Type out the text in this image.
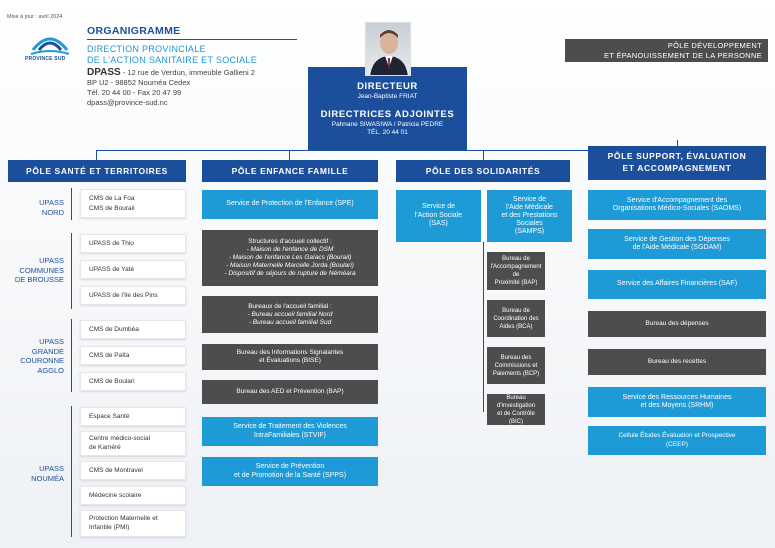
Mise à jour : avril 2024
PROVINCE SUD
ORGANIGRAMME
DIRECTION PROVINCIALE
DE L'ACTION SANITAIRE ET SOCIALE
DPASS - 12 rue de Verdun, immeuble Gallieni 2
BP U2 - 98852 Nouméa Cedex
Tél. 20 44 00 - Fax 20 47 99
dpass@province-sud.nc
PÔLE DÉVELOPPEMENT
ET ÉPANOUISSEMENT DE LA PERSONNE
DIRECTEUR
Jean-Baptiste FRIAT
DIRECTRICES ADJOINTES
Pahnane SIWASIWA / Patricia PEDRE
TÉL. 20 44 01
PÔLE SANTÉ ET TERRITOIRES
UPASS
NORD
CMS de La Foa
CMS de Bourail
UPASS
COMMUNES
DE BROUSSE
UPASS de Thio
UPASS de Yaté
UPASS de l'Ile des Pins
UPASS
GRANDE
COURONNE
AGGLO
CMS de Dumbéa
CMS de Païta
CMS de Boulari
UPASS
NOUMÉA
Espace Santé
Centre médico-social
de Kaméré
CMS de Montravel
Médecine scolaire
Protection Maternelle et
Infantile (PMI)
PÔLE ENFANCE FAMILLE
Service de Protection de l'Enfance (SPE)
Structures d'accueil collectif :
- Maison de l'enfance de DSM
- Maison de l'enfance Les Gaïacs (Bourail)
- Maison Maternelle Marcelle Jorda (Boulari)
- Dispositif de séjours de rupture de Néméara
Bureaux de l'accueil familial :
- Bureau accueil familial Nord
- Bureau accueil familial Sud
Bureau des Informations Signalantes
et Évaluations (BISE)
Bureau des AED et Prévention (BAP)
Service de Traitement des Violences
IntraFamiliales (STVIF)
Service de Prévention
et de Promotion de la Santé (SPPS)
PÔLE DES SOLIDARITÉS
Service de
l'Action Sociale
(SAS)
Service de
l'Aide Médicale
et des Prestations
Sociales
(SAMPS)
Bureau de
l'Accompagnement de
Proximité (BAP)
Bureau de
Coordination des
Aides (BCA)
Bureau des
Commissions et
Paiements (BCP)
Bureau d'Investigation
et de Contrôle (BIC)
PÔLE SUPPORT, ÉVALUATION
ET ACCOMPAGNEMENT
Service d'Accompagnement des
Organisations Médico-Sociales (SAOMS)
Service de Gestion des Dépenses
de l'Aide Médicale (SGDAM)
Service des Affaires Financières (SAF)
Bureau des dépenses
Bureau des recettes
Service des Ressources Humaines
et des Moyens (SRHM)
Cellule Études Évaluation et Prospective
(CEEP)
